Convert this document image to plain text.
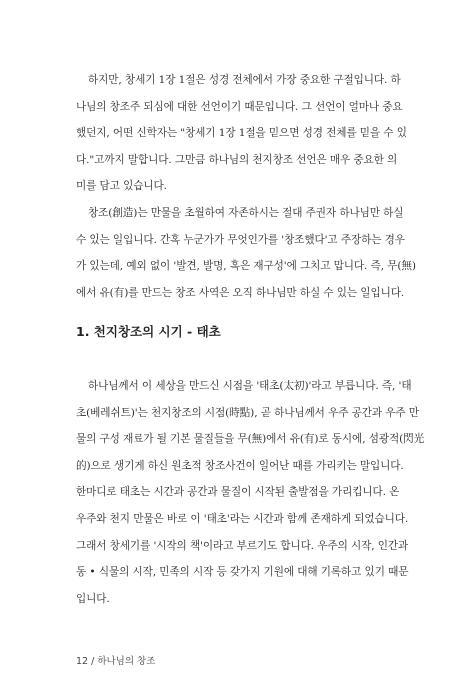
하지만, 창세기 1장 1절은 성경 전체에서 가장 중요한 구절입니다. 하
나님의 창조주 되심에 대한 선언이기 때문입니다. 그 선언이 얼마나 중요
했던지, 어떤 신학자는 "창세기 1장 1절을 믿으면 성경 전체를 믿을 수 있
다."고까지 말합니다. 그만큼 하나님의 천지창조 선언은 매우 중요한 의
미를 담고 있습니다.

창조(創造)는 만물을 초월하여 자존하시는 절대 주권자 하나님만 하실
수 있는 일입니다. 간혹 누군가가 무엇인가를 '창조했다'고 주장하는 경우
가 있는데, 예외 없이 '발견, 발명, 혹은 재구성'에 그치고 맙니다. 즉, 무(無)
에서 유(有)를 만드는 창조 사역은 오직 하나님만 하실 수 있는 일입니다.

1. 천지창조의 시기 - 태초

하나님께서 이 세상을 만드신 시점을 '태초(太初)'라고 부릅니다. 즉, '태
초(베레쉬트)'는 천지창조의 시점(時點), 곧 하나님께서 우주 공간과 우주 만
물의 구성 재료가 될 기본 물질들을 무(無)에서 유(有)로 동시에, 섬광적(閃光
的)으로 생기게 하신 원초적 창조사건이 일어난 때를 가리키는 말입니다.
한마디로 태초는 시간과 공간과 물질이 시작된 출발점을 가리킵니다. 온
우주와 천지 만물은 바로 이 '태초'라는 시간과 함께 존재하게 되었습니다.
그래서 창세기를 '시작의 책'이라고 부르기도 합니다. 우주의 시작, 인간과
동 • 식물의 시작, 민족의 시작 등 갖가지 기원에 대해 기록하고 있기 때문
입니다.

12 / 하나님의 창조
